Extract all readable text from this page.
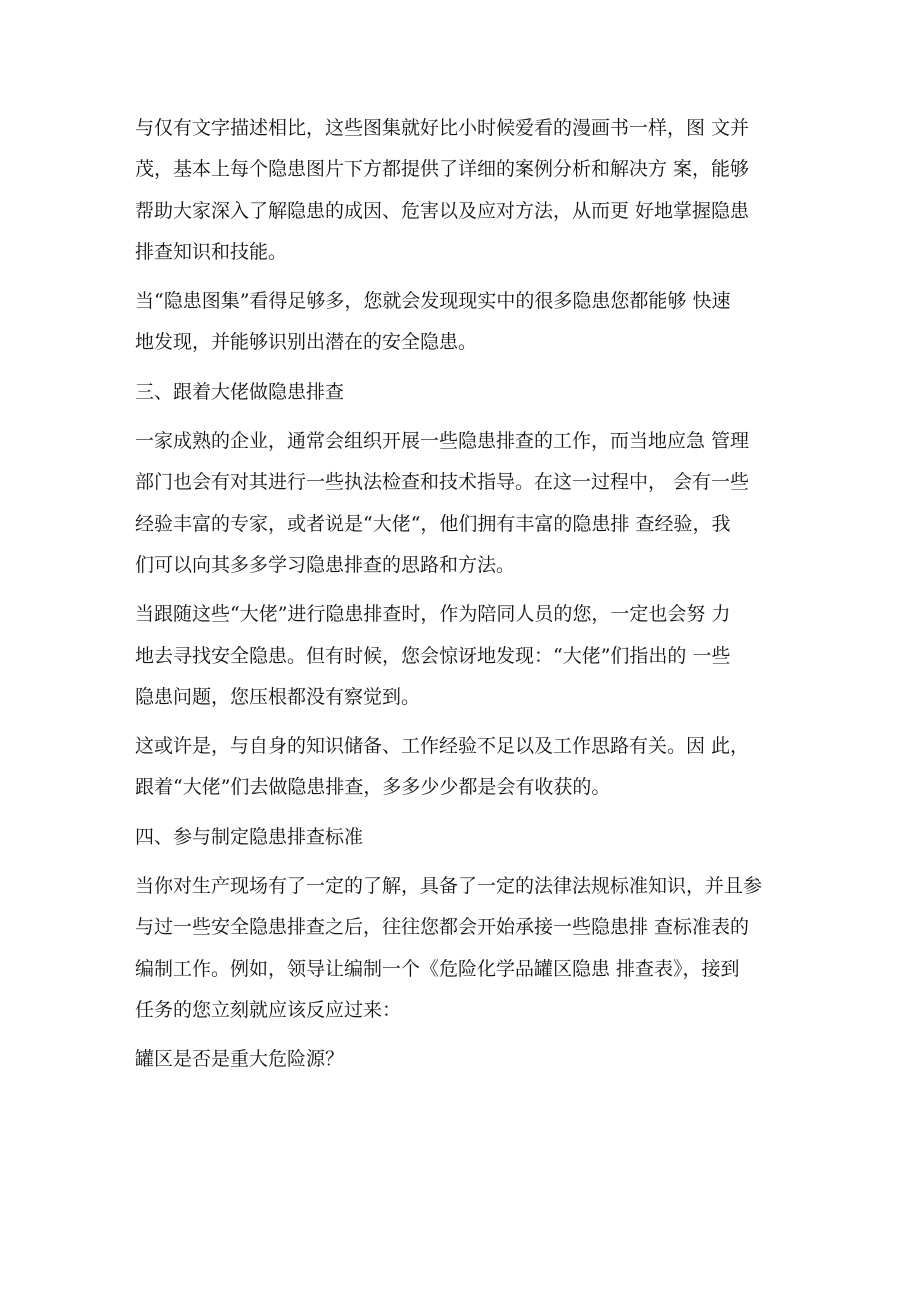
与仅有文字描述相比，这些图集就好比小时候爱看的漫画书一样，图 文并
茂，基本上每个隐患图片下方都提供了详细的案例分析和解决方 案，能够
帮助大家深入了解隐患的成因、危害以及应对方法，从而更 好地掌握隐患
排查知识和技能。

当“隐患图集”看得足够多，您就会发现现实中的很多隐患您都能够 快速
地发现，并能够识别出潜在的安全隐患。

三、跟着大佬做隐患排查

一家成熟的企业，通常会组织开展一些隐患排查的工作，而当地应急 管理
部门也会有对其进行一些执法检查和技术指导。在这一过程中， 会有一些
经验丰富的专家，或者说是“大佬“，他们拥有丰富的隐患排 查经验，我
们可以向其多多学习隐患排查的思路和方法。

当跟随这些“大佬”进行隐患排查时，作为陪同人员的您，一定也会努 力
地去寻找安全隐患。但有时候，您会惊讶地发现：“大佬”们指出的 一些
隐患问题，您压根都没有察觉到。

这或许是，与自身的知识储备、工作经验不足以及工作思路有关。因 此，
跟着“大佬”们去做隐患排查，多多少少都是会有收获的。

四、参与制定隐患排查标准

当你对生产现场有了一定的了解，具备了一定的法律法规标准知识，并且参
与过一些安全隐患排查之后，往往您都会开始承接一些隐患排 查标准表的
编制工作。例如，领导让编制一个《危险化学品罐区隐患 排查表》，接到
任务的您立刻就应该反应过来：

罐区是否是重大危险源？
